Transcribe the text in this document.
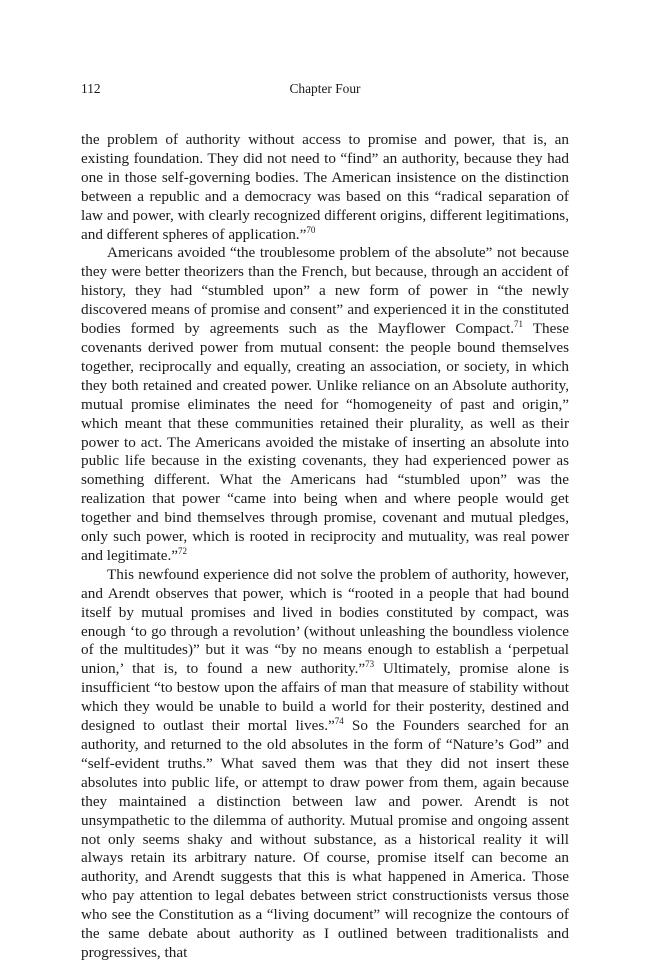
112	Chapter Four

the problem of authority without access to promise and power, that is, an existing foundation. They did not need to “find” an authority, because they had one in those self-governing bodies. The American insistence on the distinction between a republic and a democracy was based on this “radical separation of law and power, with clearly recognized different origins, different legitimations, and different spheres of application.”$^{70}$

Americans avoided “the troublesome problem of the absolute” not because they were better theorizers than the French, but because, through an accident of history, they had “stumbled upon” a new form of power in “the newly discovered means of promise and consent” and experienced it in the constituted bodies formed by agreements such as the Mayflower Compact.$^{71}$ These covenants derived power from mutual consent: the people bound themselves together, reciprocally and equally, creating an association, or society, in which they both retained and created power. Unlike reliance on an Absolute authority, mutual promise eliminates the need for “homogeneity of past and origin,” which meant that these communities retained their plurality, as well as their power to act. The Americans avoided the mistake of inserting an absolute into public life because in the existing covenants, they had experienced power as something different. What the Americans had “stumbled upon” was the realization that power “came into being when and where people would get together and bind themselves through promise, covenant and mutual pledges, only such power, which is rooted in reciprocity and mutuality, was real power and legitimate.”$^{72}$

This newfound experience did not solve the problem of authority, however, and Arendt observes that power, which is “rooted in a people that had bound itself by mutual promises and lived in bodies constituted by compact, was enough ‘to go through a revolution’ (without unleashing the boundless violence of the multitudes)” but it was “by no means enough to establish a ‘perpetual union,’ that is, to found a new authority.”$^{73}$ Ultimately, promise alone is insufficient “to bestow upon the affairs of man that measure of stability without which they would be unable to build a world for their posterity, destined and designed to outlast their mortal lives.”$^{74}$ So the Founders searched for an authority, and returned to the old absolutes in the form of “Nature’s God” and “self-evident truths.” What saved them was that they did not insert these absolutes into public life, or attempt to draw power from them, again because they maintained a distinction between law and power. Arendt is not unsympathetic to the dilemma of authority. Mutual promise and ongoing assent not only seems shaky and without substance, as a historical reality it will always retain its arbitrary nature. Of course, promise itself can become an authority, and Arendt suggests that this is what happened in America. Those who pay attention to legal debates between strict constructionists versus those who see the Constitution as a “living document” will recognize the contours of the same debate about authority as I outlined between traditionalists and progressives, that
